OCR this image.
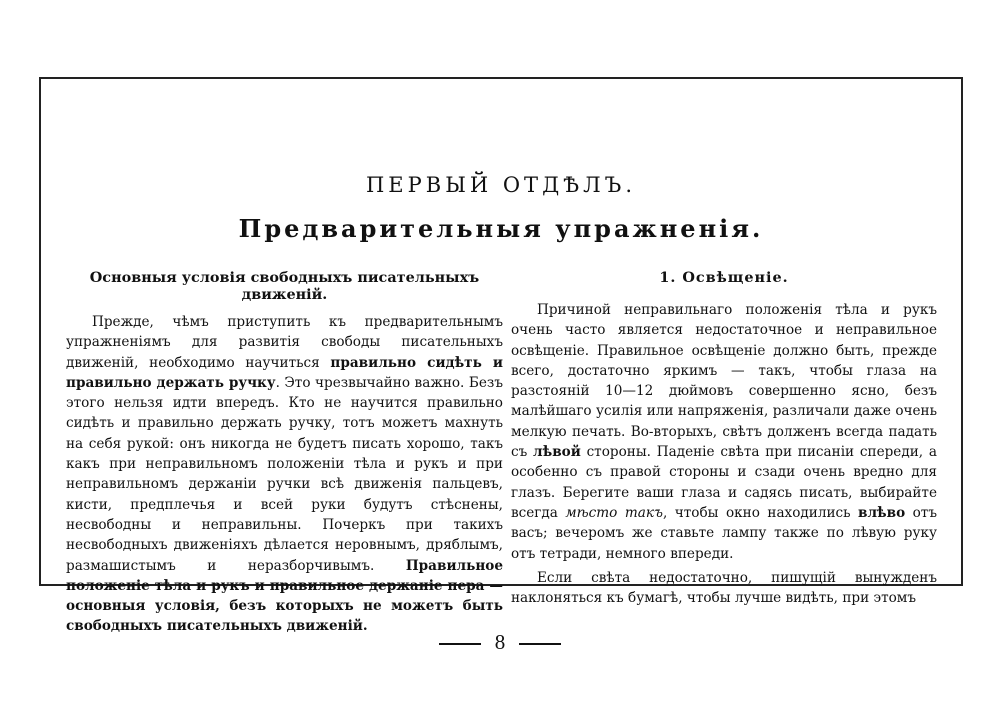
ПЕРВЫЙ ОТДѢЛЪ.
Предварительныя упражненія.
Основныя условія свободныхъ писательныхъ движеній.

Прежде, чѣмъ приступить къ предварительнымъ упражненіямъ для развитія свободы писательныхъ движеній, необходимо научиться правильно сидѣть и правильно держать ручку. Это чрезвычайно важно. Безъ этого нельзя идти впередъ. Кто не научится правильно сидѣть и правильно держать ручку, тотъ можетъ махнуть на себя рукой: онъ никогда не будетъ писать хорошо, такъ какъ при неправильномъ положеніи тѣла и рукъ и при неправильномъ держаніи ручки всѣ движенія пальцевъ, кисти, предплечья и всей руки будутъ стѣснены, несвободны и неправильны. Почеркъ при такихъ несвободныхъ движеніяхъ дѣлается неровнымъ, дряблымъ, размашистымъ и неразборчивымъ. Правильное положеніе тѣла и рукъ и правильное держаніе пера — основныя условія, безъ которыхъ не можетъ быть свободныхъ писательныхъ движеній.

1. Освѣщеніе.

Причиной неправильнаго положенія тѣла и рукъ очень часто является недостаточное и неправильное освѣщеніе. Правильное освѣщеніе должно быть, прежде всего, достаточно яркимъ — такъ, чтобы глаза на разстояній 10—12 дюймовъ совершенно ясно, безъ малѣйшаго усилія или напряженія, различали даже очень мелкую печать. Во-вторыхъ, свѣтъ долженъ всегда падать съ лѣвой стороны. Паденіе свѣта при писаніи спереди, а особенно съ правой стороны и сзади очень вредно для глазъ. Берегите ваши глаза и садясь писать, выбирайте всегда мѣсто такъ, чтобы окно находились влѣво отъ васъ; вечеромъ же ставьте лампу также по лѣвую руку отъ тетради, немного впереди.

Если свѣта недостаточно, пишущій вынужденъ наклоняться къ бумагѣ, чтобы лучше видѣть, при этомъ

8
